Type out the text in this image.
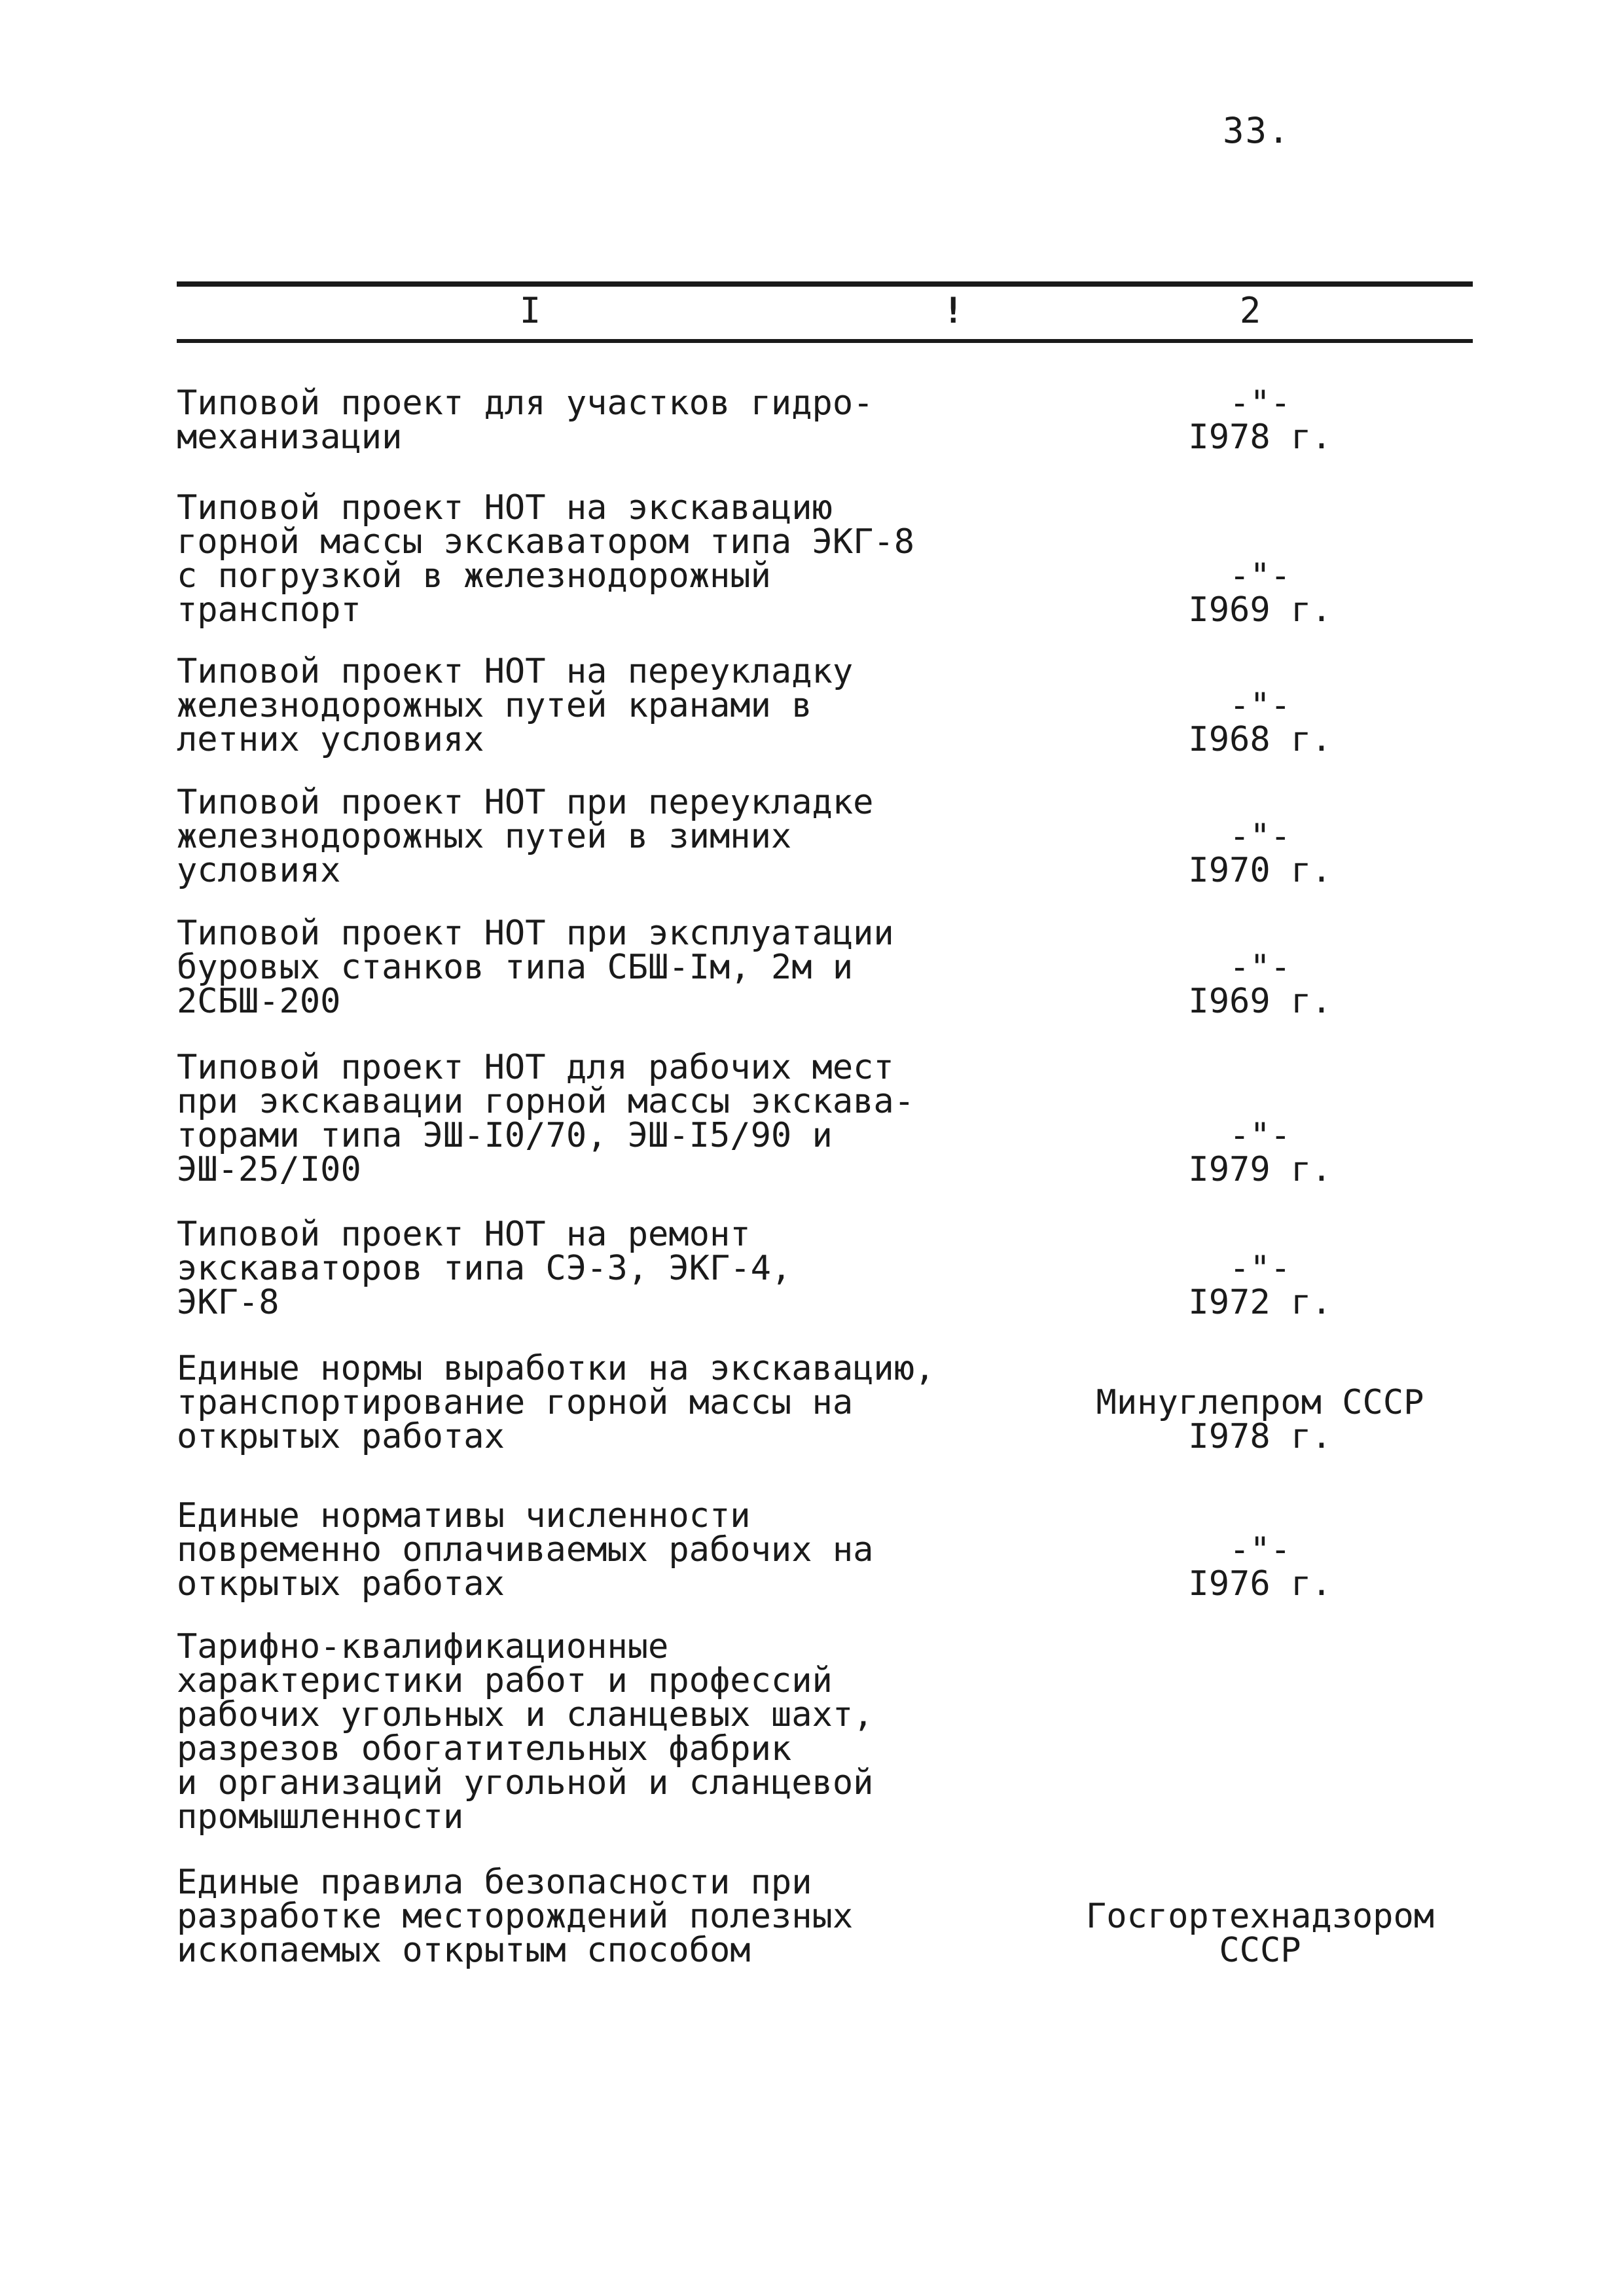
33.
I	!	2
Типовой проект для участков гидро-
механизации
-"-
I978 г.
Типовой проект НОТ на экскавацию
горной массы экскаватором типа ЭКГ-8
с погрузкой в железнодорожный
транспорт
-"-
I969 г.
Типовой проект НОТ на переукладку
железнодорожных путей кранами в
летних условиях
-"-
I968 г.
Типовой проект НОТ при переукладке
железнодорожных путей в зимних
условиях
-"-
I970 г.
Типовой проект НОТ при эксплуатации
буровых станков типа СБШ-Iм, 2м и
2СБШ-200
-"-
I969 г.
Типовой проект НОТ для рабочих мест
при экскавации горной массы экскава-
торами типа ЭШ-I0/70, ЭШ-I5/90 и
ЭШ-25/I00
-"-
I979 г.
Типовой проект НОТ на ремонт
экскаваторов типа СЭ-3, ЭКГ-4,
ЭКГ-8
-"-
I972 г.
Единые нормы выработки на экскавацию,
транспортирование горной массы на
открытых работах
Минуглепром СССР
I978 г.
Единые нормативы численности
повременно оплачиваемых рабочих на
открытых работах
-"-
I976 г.
Тарифно-квалификационные
характеристики работ и профессий
рабочих угольных и сланцевых шахт,
разрезов обогатительных фабрик
и организаций угольной и сланцевой
промышленности
Единые правила безопасности при
разработке месторождений полезных
ископаемых открытым способом
Госгортехнадзором
СССР
